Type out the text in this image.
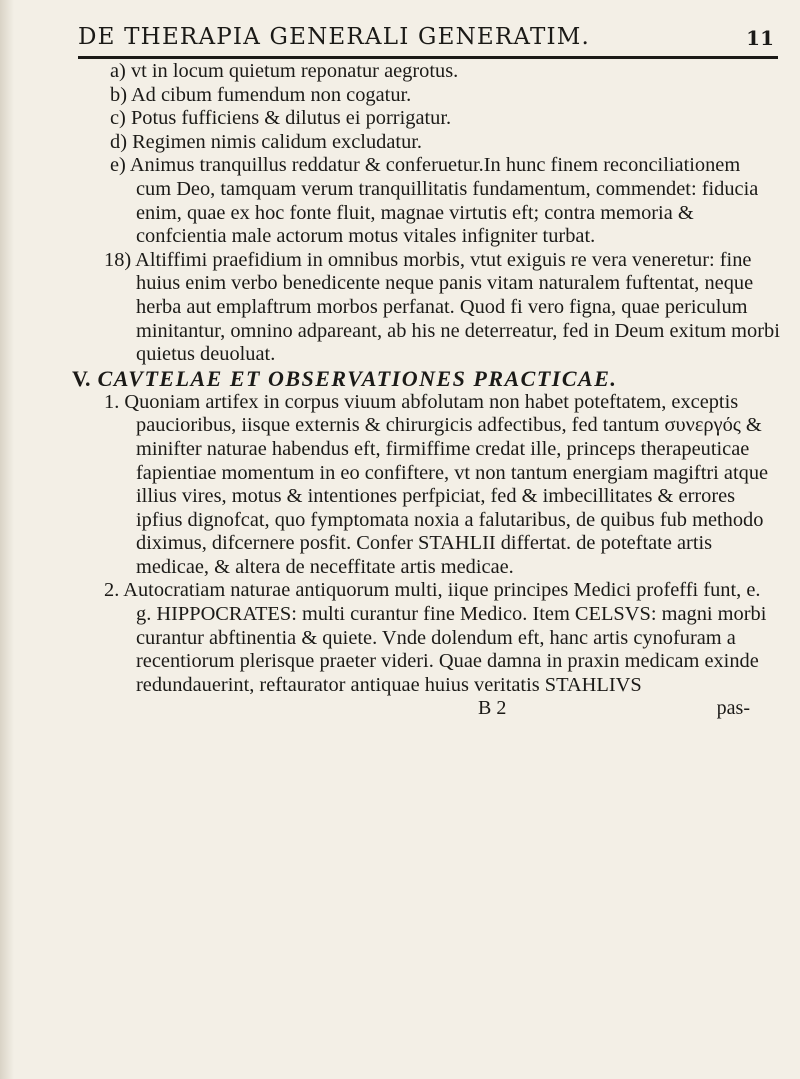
DE THERAPIA GENERALI GENERATIM.	11

a) vt in locum quietum reponatur aegrotus.

b) Ad cibum fumendum non cogatur.

c) Potus fufficiens & dilutus ei porrigatur.

d) Regimen nimis calidum excludatur.

e) Animus tranquillus reddatur & conferuetur.In hunc finem reconciliationem cum Deo, tamquam verum tranquillitatis fundamentum, commendet: fiducia enim, quae ex hoc fonte fluit, magnae virtutis eft; contra memoria & confcientia male actorum motus vitales infigniter turbat.

18) Altiffimi praefidium in omnibus morbis, vtut exiguis re vera veneretur: fine huius enim verbo benedicente neque panis vitam naturalem fuftentat, neque herba aut emplaftrum morbos perfanat. Quod fi vero figna, quae periculum minitantur, omnino adpareant, ab his ne deterreatur, fed in Deum exitum morbi quietus deuoluat.

V. CAVTELAE ET OBSERVATIONES PRACTICAE.

1. Quoniam artifex in corpus viuum abfolutam non habet poteftatem, exceptis paucioribus, iisque externis & chirurgicis adfectibus, fed tantum συνεργός & minifter naturae habendus eft, firmiffime credat ille, princeps therapeuticae fapientiae momentum in eo confiftere, vt non tantum energiam magiftri atque illius vires, motus & intentiones perfpiciat, fed & imbecillitates & errores ipfius dignofcat, quo fymptomata noxia a falutaribus, de quibus fub methodo diximus, difcernere posfit. Confer STAHLII differtat. de poteftate artis medicae, & altera de neceffitate artis medicae.

2. Autocratiam naturae antiquorum multi, iique principes Medici profeffi funt, e. g. HIPPOCRATES: multi curantur fine Medico. Item CELSVS: magni morbi curantur abftinentia & quiete. Vnde dolendum eft, hanc artis cynofuram a recentiorum plerisque praeter videri. Quae damna in praxin medicam exinde redundauerint, reftaurator antiquae huius veritatis STAHLIVS

B 2	pas-
